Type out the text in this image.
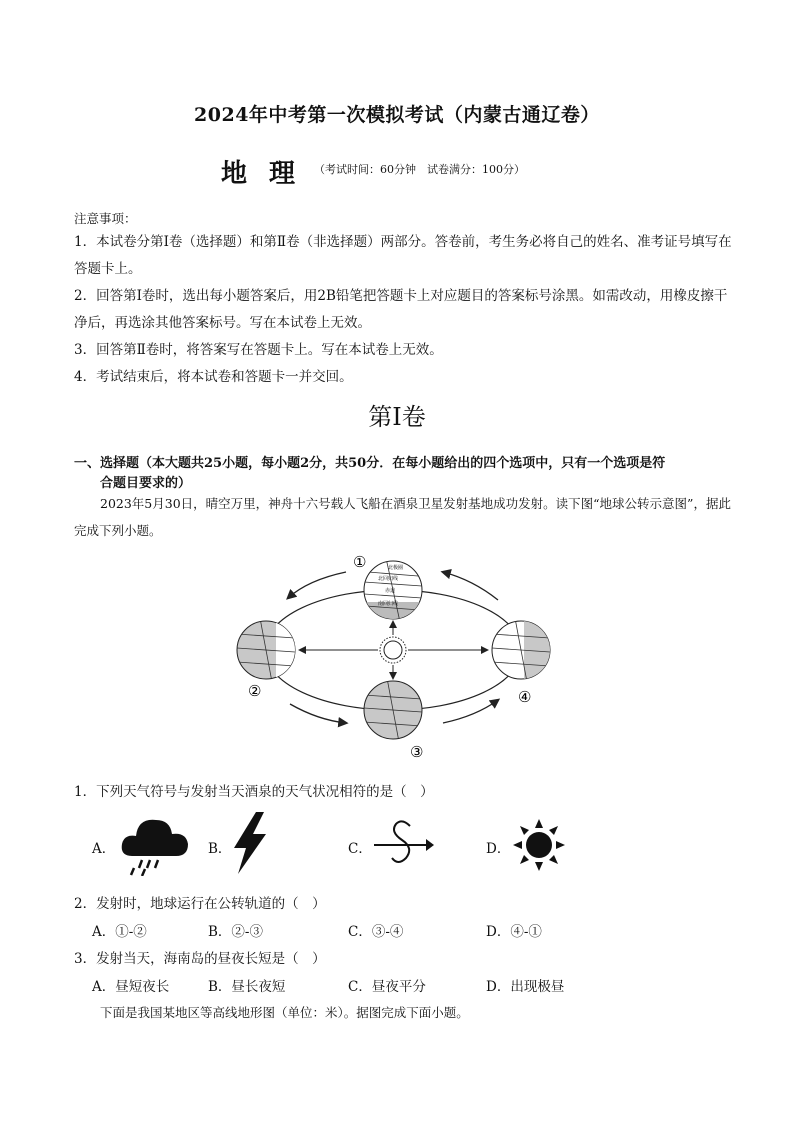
2024年中考第一次模拟考试（内蒙古通辽卷）
地理
（考试时间：60分钟　试卷满分：100分）
注意事项：
1．本试卷分第Ⅰ卷（选择题）和第Ⅱ卷（非选择题）两部分。答卷前，考生务必将自己的姓名、准考证号填写在答题卡上。
2．回答第Ⅰ卷时，选出每小题答案后，用2B铅笔把答题卡上对应题目的答案标号涂黑。如需改动，用橡皮擦干净后，再选涂其他答案标号。写在本试卷上无效。
3．回答第Ⅱ卷时，将答案写在答题卡上。写在本试卷上无效。
4．考试结束后，将本试卷和答题卡一并交回。
第Ⅰ卷
一、选择题（本大题共25小题，每小题2分，共50分．在每小题给出的四个选项中，只有一个选项是符
合题目要求的）
2023年5月30日，晴空万里，神舟十六号载人飞船在酒泉卫星发射基地成功发射。读下图“地球公转示意图”，据此完成下列小题。
北极圈
北回归线
赤道
南回归线
①
②
③
④
1．下列天气符号与发射当天酒泉的天气状况相符的是（　）
A．	B．	C．	D．
2．发射时，地球运行在公转轨道的（　）
A．①-②	B．②-③	C．③-④	D．④-①
3．发射当天，海南岛的昼夜长短是（　）
A．昼短夜长	B．昼长夜短	C．昼夜平分	D．出现极昼
下面是我国某地区等高线地形图（单位：米）。据图完成下面小题。
